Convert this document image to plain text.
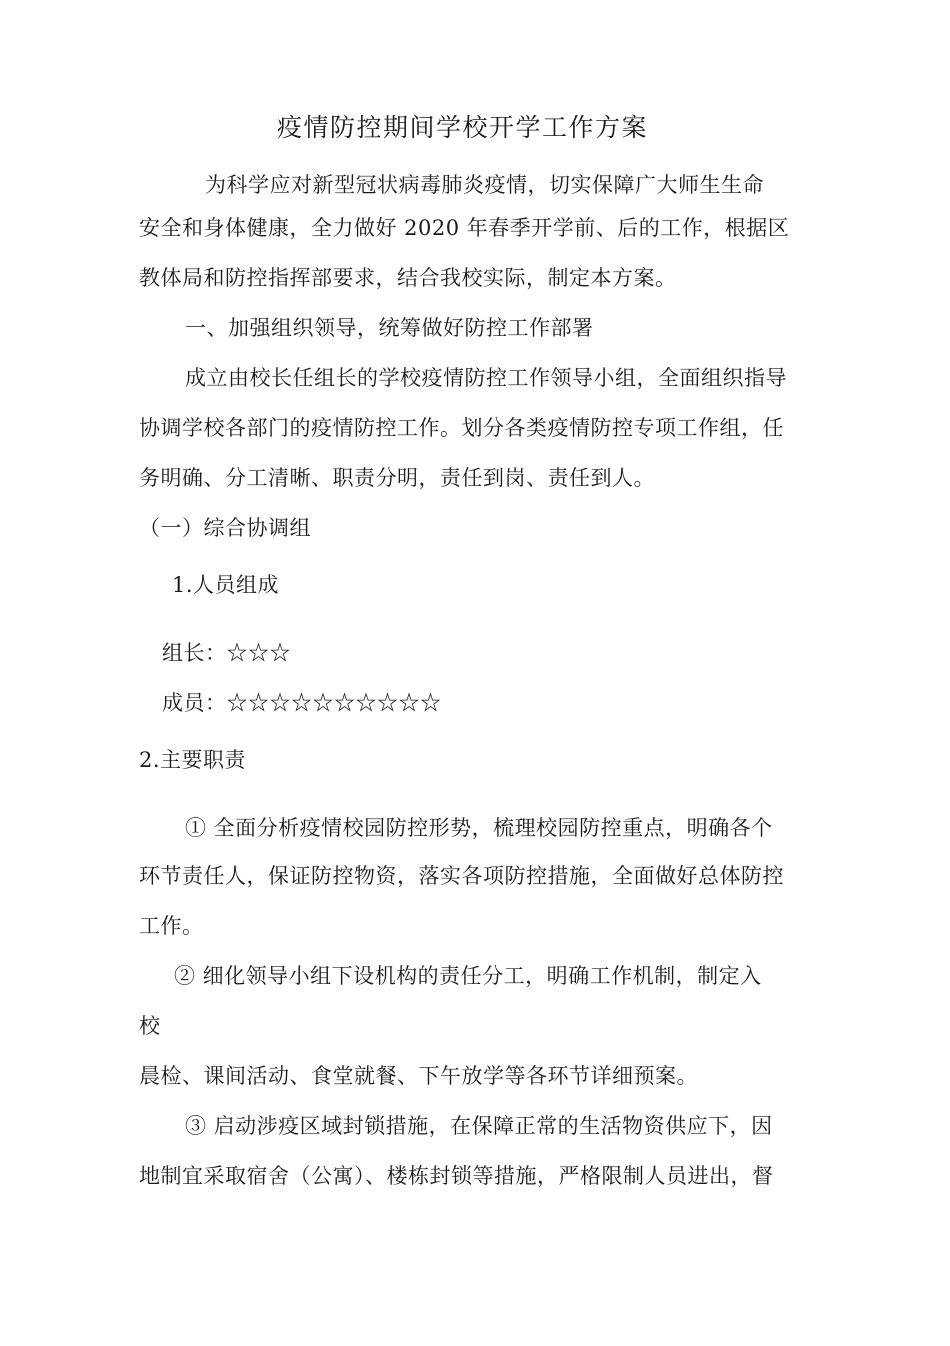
疫情防控期间学校开学工作方案
为科学应对新型冠状病毒肺炎疫情，切实保障广大师生生命
安全和身体健康，全力做好 2020 年春季开学前、后的工作，根据区
教体局和防控指挥部要求，结合我校实际，制定本方案。
一、加强组织领导，统筹做好防控工作部署
成立由校长任组长的学校疫情防控工作领导小组，全面组织指导
协调学校各部门的疫情防控工作。划分各类疫情防控专项工作组，任
务明确、分工清晰、职责分明，责任到岗、责任到人。
（一）综合协调组
1.人员组成
组长：☆☆☆
成员：☆☆☆☆☆☆☆☆☆☆
2.主要职责
① 全面分析疫情校园防控形势，梳理校园防控重点，明确各个
环节责任人，保证防控物资，落实各项防控措施，全面做好总体防控
工作。
② 细化领导小组下设机构的责任分工，明确工作机制，制定入
校
晨检、课间活动、食堂就餐、下午放学等各环节详细预案。
③ 启动涉疫区域封锁措施，在保障正常的生活物资供应下，因
地制宜采取宿舍（公寓）、楼栋封锁等措施，严格限制人员进出，督
